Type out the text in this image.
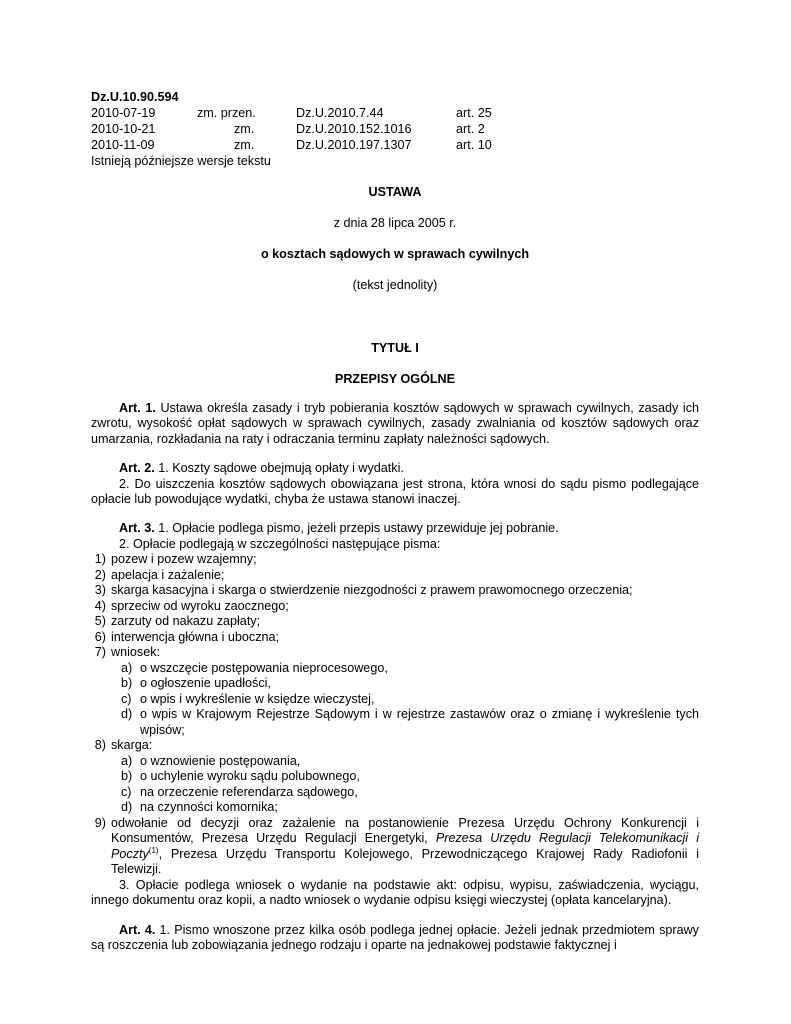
Dz.U.10.90.594
2010-07-19	zm. przen.	Dz.U.2010.7.44	art. 25
2010-10-21	zm.	Dz.U.2010.152.1016	art. 2
2010-11-09	zm.	Dz.U.2010.197.1307	art. 10
Istnieją późniejsze wersje tekstu
USTAWA
z dnia 28 lipca 2005 r.
o kosztach sądowych w sprawach cywilnych
(tekst jednolity)
TYTUŁ I
PRZEPISY OGÓLNE
Art. 1. Ustawa określa zasady i tryb pobierania kosztów sądowych w sprawach cywilnych, zasady ich zwrotu, wysokość opłat sądowych w sprawach cywilnych, zasady zwalniania od kosztów sądowych oraz umarzania, rozkładania na raty i odraczania terminu zapłaty należności sądowych.
Art. 2. 1. Koszty sądowe obejmują opłaty i wydatki.
2. Do uiszczenia kosztów sądowych obowiązana jest strona, która wnosi do sądu pismo podlegające opłacie lub powodujące wydatki, chyba że ustawa stanowi inaczej.
Art. 3. 1. Opłacie podlega pismo, jeżeli przepis ustawy przewiduje jej pobranie.
2. Opłacie podlegają w szczególności następujące pisma:
1) pozew i pozew wzajemny;
2) apelacja i zażalenie;
3) skarga kasacyjna i skarga o stwierdzenie niezgodności z prawem prawomocnego orzeczenia;
4) sprzeciw od wyroku zaocznego;
5) zarzuty od nakazu zapłaty;
6) interwencja główna i uboczna;
7) wniosek:
a) o wszczęcie postępowania nieprocesowego,
b) o ogłoszenie upadłości,
c) o wpis i wykreślenie w księdze wieczystej,
d) o wpis w Krajowym Rejestrze Sądowym i w rejestrze zastawów oraz o zmianę i wykreślenie tych wpisów;
8) skarga:
a) o wznowienie postępowania,
b) o uchylenie wyroku sądu polubownego,
c) na orzeczenie referendarza sądowego,
d) na czynności komornika;
9) odwołanie od decyzji oraz zażalenie na postanowienie Prezesa Urzędu Ochrony Konkurencji i Konsumentów, Prezesa Urzędu Regulacji Energetyki, Prezesa Urzędu Regulacji Telekomunikacji i Poczty$^{(1)}$, Prezesa Urzędu Transportu Kolejowego, Przewodniczącego Krajowej Rady Radiofonii i Telewizji.
3. Opłacie podlega wniosek o wydanie na podstawie akt: odpisu, wypisu, zaświadczenia, wyciągu, innego dokumentu oraz kopii, a nadto wniosek o wydanie odpisu księgi wieczystej (opłata kancelaryjna).
Art. 4. 1. Pismo wnoszone przez kilka osób podlega jednej opłacie. Jeżeli jednak przedmiotem sprawy są roszczenia lub zobowiązania jednego rodzaju i oparte na jednakowej podstawie faktycznej i
